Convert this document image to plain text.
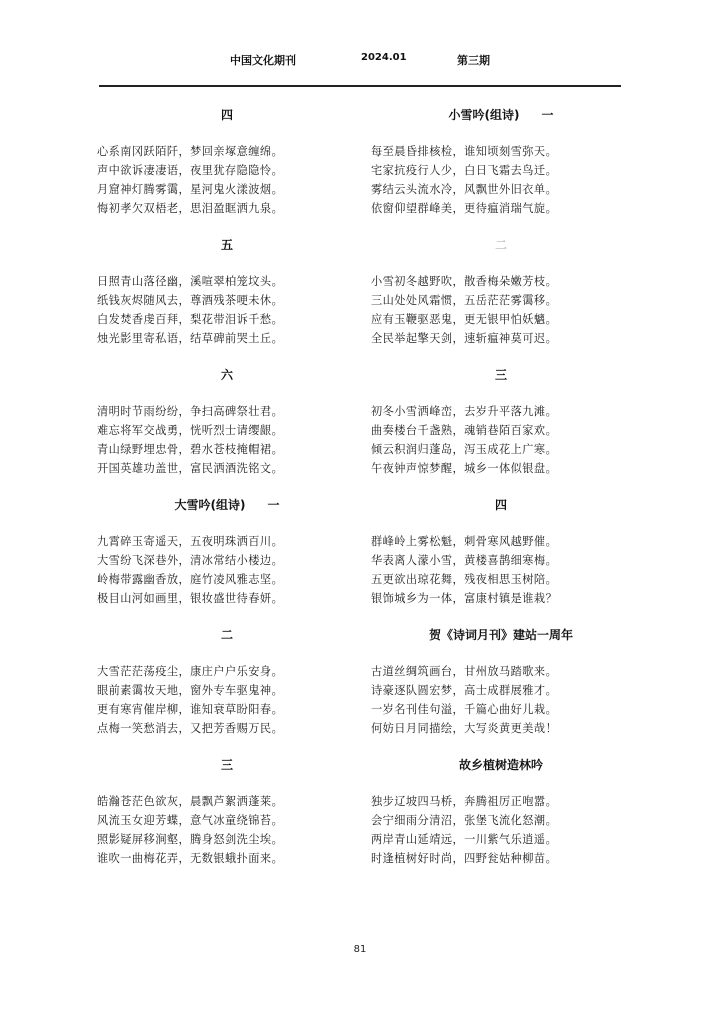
中国文化期刊	2024.01	第三期
四
心系南冈跃陌阡，梦回亲塚意缠绵。
声中欲诉凄凄语，夜里犹存隐隐怜。
月窟神灯腾雾霭，星河鬼火漾波烟。
悔初孝欠双梧老，思泪盈眶洒九泉。
五
日照青山落径幽，溪喧翠柏笼坟头。
纸钱灰烬随风去，尊酒残茶哽未休。
白发焚香虔百拜，梨花带泪诉千愁。
烛光影里寄私语，结草碑前哭土丘。
六
清明时节雨纷纷，争扫高碑祭壮君。
难忘将军交战勇，恍听烈士请缨龈。
青山绿野埋忠骨，碧水苍枝掩帽裙。
开国英雄功盖世，富民洒酒洗铭文。
大雪吟(组诗) 一
九霄碎玉寄遥天，五夜明珠洒百川。
大雪纷飞深巷外，清冰常结小楼边。
岭梅带露幽香放，庭竹凌风雅志坚。
极目山河如画里，银妆盛世待春妍。
二
大雪茫茫荡疫尘，康庄户户乐安身。
眼前素霭妆天地，窗外专车驱鬼神。
更有寒宵催岸柳，谁知衰草盼阳春。
点梅一笑愁消去，又把芳香赐万民。
三
皓瀚苍茫色欲灰，晨飘芦絮洒蓬莱。
风流玉女迎芳蝶，意气冰童绕锦苔。
照影疑屏移涧壑，腾身怒剑洗尘埃。
谁吹一曲梅花弄，无数银蛾扑面来。
小雪吟(组诗) 一
每至晨昏排核检，谁知顷刻雪弥天。
宅家抗疫行人少，白日飞霜去鸟迁。
雾结云头流水冷，风飘世外旧衣单。
依窗仰望群峰美，更待瘟消瑞气旋。
二
小雪初冬越野吹，散香梅朵嫩芳枝。
三山处处风霜惯，五岳茫茫雾霭移。
应有玉鞭驱恶鬼，更无银甲怕妖魑。
全民举起擎天剑，速斩瘟神莫可迟。
三
初冬小雪洒峰峦，去岁升平落九滩。
曲奏楼台千盏熟，魂销巷陌百家欢。
倾云积润归蓬岛，泻玉成花上广寒。
午夜钟声惊梦醒，城乡一体似银盘。
四
群峰岭上雾松魁，刺骨寒风越野催。
华表离人濛小雪，黄楼喜鹊细寒梅。
五更欲出琼花舞，残夜相思玉树陪。
银饰城乡为一体，富康村镇是谁栽？
贺《诗词月刊》建站一周年
古道丝绸筑画台，甘州放马踏歌来。
诗豪逐队圆宏梦，高士成群展雅才。
一岁名刊佳句溢，千篇心曲好儿栽。
何妨日月同描绘，大写炎黄更美哉！
故乡植树造林吟
独步辽坡四马桥，奔腾祖厉正咆嚣。
会宁细雨分清沼，张堡飞流化怒潮。
两岸青山延靖远，一川紫气乐逍遥。
时逢植树好时尚，四野瓮姑种柳苗。
81
